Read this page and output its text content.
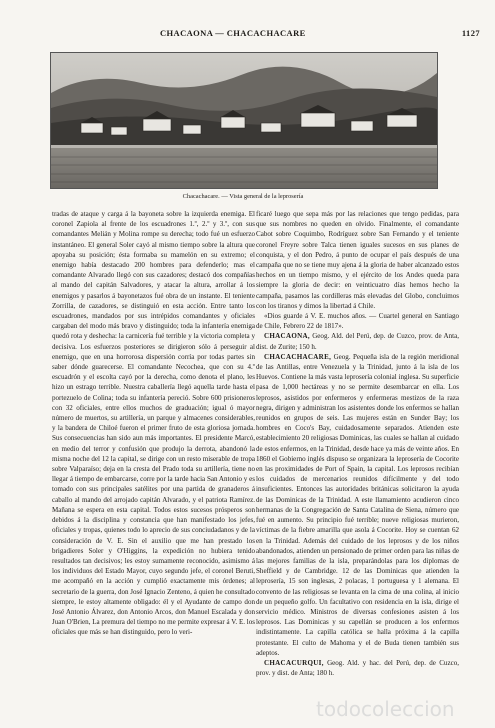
CHACAONA — CHACACHACARE	1127
Chacachacare. — Vista general de la leprosería

tradas de ataque y carga á la bayoneta sobre la izquierda enemiga. El coronel Zapiola al frente de los escuadrones 1.º, 2.º y 3.º, con sus comandantes Melián y Molina rompe su derecha; todo fué un esfuerzo instantáneo. El general Soler cayó al mismo tiempo sobre la altura que apoyaba su posición; ésta formaba su mamelón en su extremo; el enemigo había destacado 200 hombres para defenderlo; mas el comandante Alvarado llegó con sus cazadores; destacó dos compañías al mando del capitán Salvadores, y atacar la altura, arrollar á los enemigos y pasarlos á bayonetazos fué obra de un instante. El teniente Zorrilla, de cazadores, se distinguió en esta acción. Entre tanto los escuadrones, mandados por sus intrépidos comandantes y oficiales cargaban del modo más bravo y distinguido; toda la infantería enemiga quedó rota y deshecha: la carnicería fué terrible y la victoria completa y decisiva. Los esfuerzos posteriores se dirigieron sólo á perseguir al enemigo, que en una horrorosa dispersión corría por todas partes sin saber dónde guarecerse. El comandante Necochea, que con su 4.º escuadrón y el escolta cayó por la derecha, como denota el plano, les hizo un estrago terrible. Nuestra caballería llegó aquella tarde hasta el portezuelo de Colina; toda su infantería pereció. Sobre 600 prisioneros con 32 oficiales, entre ellos muchos de graduación; igual ó mayor número de muertos, su artillería, un parque y almacenes considerables, y la bandera de Chiloé fueron el primer fruto de esta gloriosa jornada. Sus consecuencias han sido aun más importantes. El presidente Marcó, en medio del terror y confusión que produjo la derrota, abandonó la misma noche del 12 la capital, se dirige con un resto miserable de tropa sobre Valparaíso; deja en la cresta del Prado toda su artillería, tiene no llegar á tiempo de embarcarse, corre por la tarde hacia San Antonio y es tomado con sus principales satélites por una partida de granaderos á caballo al mando del arrojado capitán Alvarado, y el patriota Ramírez. Mañana se espera en esta capital. Todos estos sucesos prósperos son debidos á la disciplina y constancia que han manifestado los jefes, oficiales y tropas, quienes todo lo aprecio de sus conciudadanos y de la consideración de V. E. Sin el auxilio que me han prestado los brigadieres Soler y O'Higgins, la expedición no hubiera tenido resultados tan decisivos; les estoy sumamente reconocido, asimismo á los individuos del Estado Mayor, cuyo segundo jefe, el coronel Beruti, me acompañó en la acción y cumplió exactamente mis órdenes; al secretario de la guerra, don José Ignacio Zenteno, á quien he consultado siempre, le estoy altamente obligado: él y el Ayudante de campo don José Antonio Álvarez, don Antonio Arcos, don Manuel Escalada y don Juan O'Brien, La premura del tiempo no me permite expresar á V. E. los oficiales que más se han distinguido, pero lo veri-

ficaré luego que sepa más por las relaciones que tengo pedidas, para que sus nombres no queden en olvido. Finalmente, el comandante Cabot sobre Coquimbo, Rodríguez sobre San Fernando y el teniente coronel Freyre sobre Talca tienen iguales sucesos en sus planes de conquista, y el don Pedro, á punto de ocupar el país después de una campaña que no se tiene muy ajena á la gloria de haber alcanzado estos hechos en un tiempo mismo, y el ejército de los Andes queda para siempre la gloria de decir: en veinticuatro días hemos hecho la campaña, pasamos las cordilleras más elevadas del Globo, concluimos con los tiranos y dimos la libertad á Chile.

«Dios guarde á V. E. muchos años. — Cuartel general en Santiago de Chile, Febrero 22 de 1817».

CHACAONA, Geog. Ald. del Perú, dep. de Cuzco, prov. de Anta, dist. de Zurite; 150 h.

CHACACHACARE, Geog. Pequeña isla de la región meridional de las Antillas, entre Venezuela y la Trinidad, junto á la isla de los Huevos. Contiene la más vasta leprosería colonial inglesa. Su superficie pasa de 1,000 hectáreas y no se permite desembarcar en ella. Los leprosos, asistidos por enfermeros y enfermeras mestizos de la raza negra, dirigen y administran los asistentes donde los enfermos se hallan reunidos en grupos de seis. Las mujeres están en Sunder Bay; los hombres en Coco's Bay, cuidadosamente separados. Atienden este establecimiento 20 religiosas Dominicas, las cuales se hallan al cuidado de estos enfermos, en la Trinidad, desde hace ya más de veinte años. En 1860 el Gobierno inglés dispuso se organizara la leprosería de Cocorite en las proximidades de Port of Spain, la capital. Los leprosos recibían los cuidados de mercenarios reunidos difícilmente y del todo insuficientes. Entonces las autoridades británicas solicitaron la ayuda de las Dominicas de la Trinidad. A este llamamiento acudieron cinco hermanas de la Congregación de Santa Catalina de Siena, número que fué en aumento. Su principio fué terrible; nueve religiosas murieron, víctimas de la fiebre amarilla que asola á Cocorite. Hoy se cuentan 62 en la Trinidad. Además del cuidado de los leprosos y de los niños abandonados, atienden un pensionado de primer orden para las niñas de las mejores familias de la isla, preparándolas para los diplomas de Sheffield y de Cambridge. 12 de las Dominicas que atienden la leprosería, 15 son inglesas, 2 polacas, 1 portuguesa y 1 alemana. El convento de las religiosas se levanta en la cima de una colina, al inicio de un pequeño golfo. Un facultativo con residencia en la isla, dirige el servicio médico. Ministros de diversas confesiones asisten á los leprosos. Las Dominicas y su capellán se producen a los enfermos indistintamente. La capilla católica se halla próxima á la capilla protestante. El culto de Mahoma y el de Buda tienen también sus adeptos.

CHACACURQUI, Geog. Ald. y hac. del Perú, dep. de Cuzco, prov. y dist. de Anta; 180 h.

todocoleccion
